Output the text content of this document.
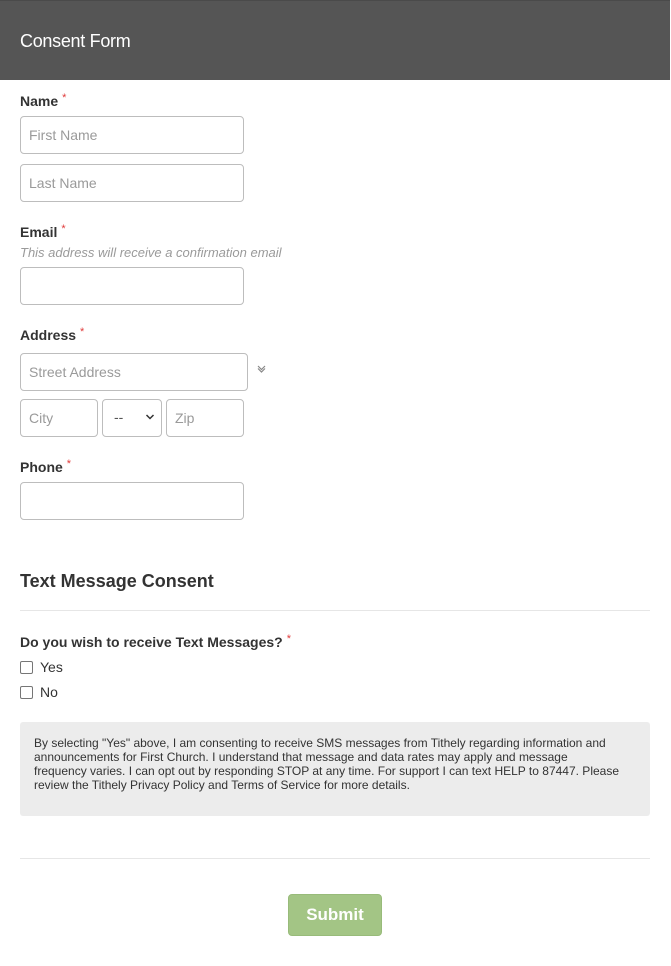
Consent Form
Name *
First Name
Last Name
Email *
This address will receive a confirmation email
Address *
Street Address
City
--
Zip
Phone *
Text Message Consent
Do you wish to receive Text Messages? *
Yes
No
By selecting "Yes" above, I am consenting to receive SMS messages from Tithely regarding information and announcements for First Church. I understand that message and data rates may apply and message frequency varies. I can opt out by responding STOP at any time. For support I can text HELP to 87447. Please review the Tithely Privacy Policy and Terms of Service for more details.
Submit
